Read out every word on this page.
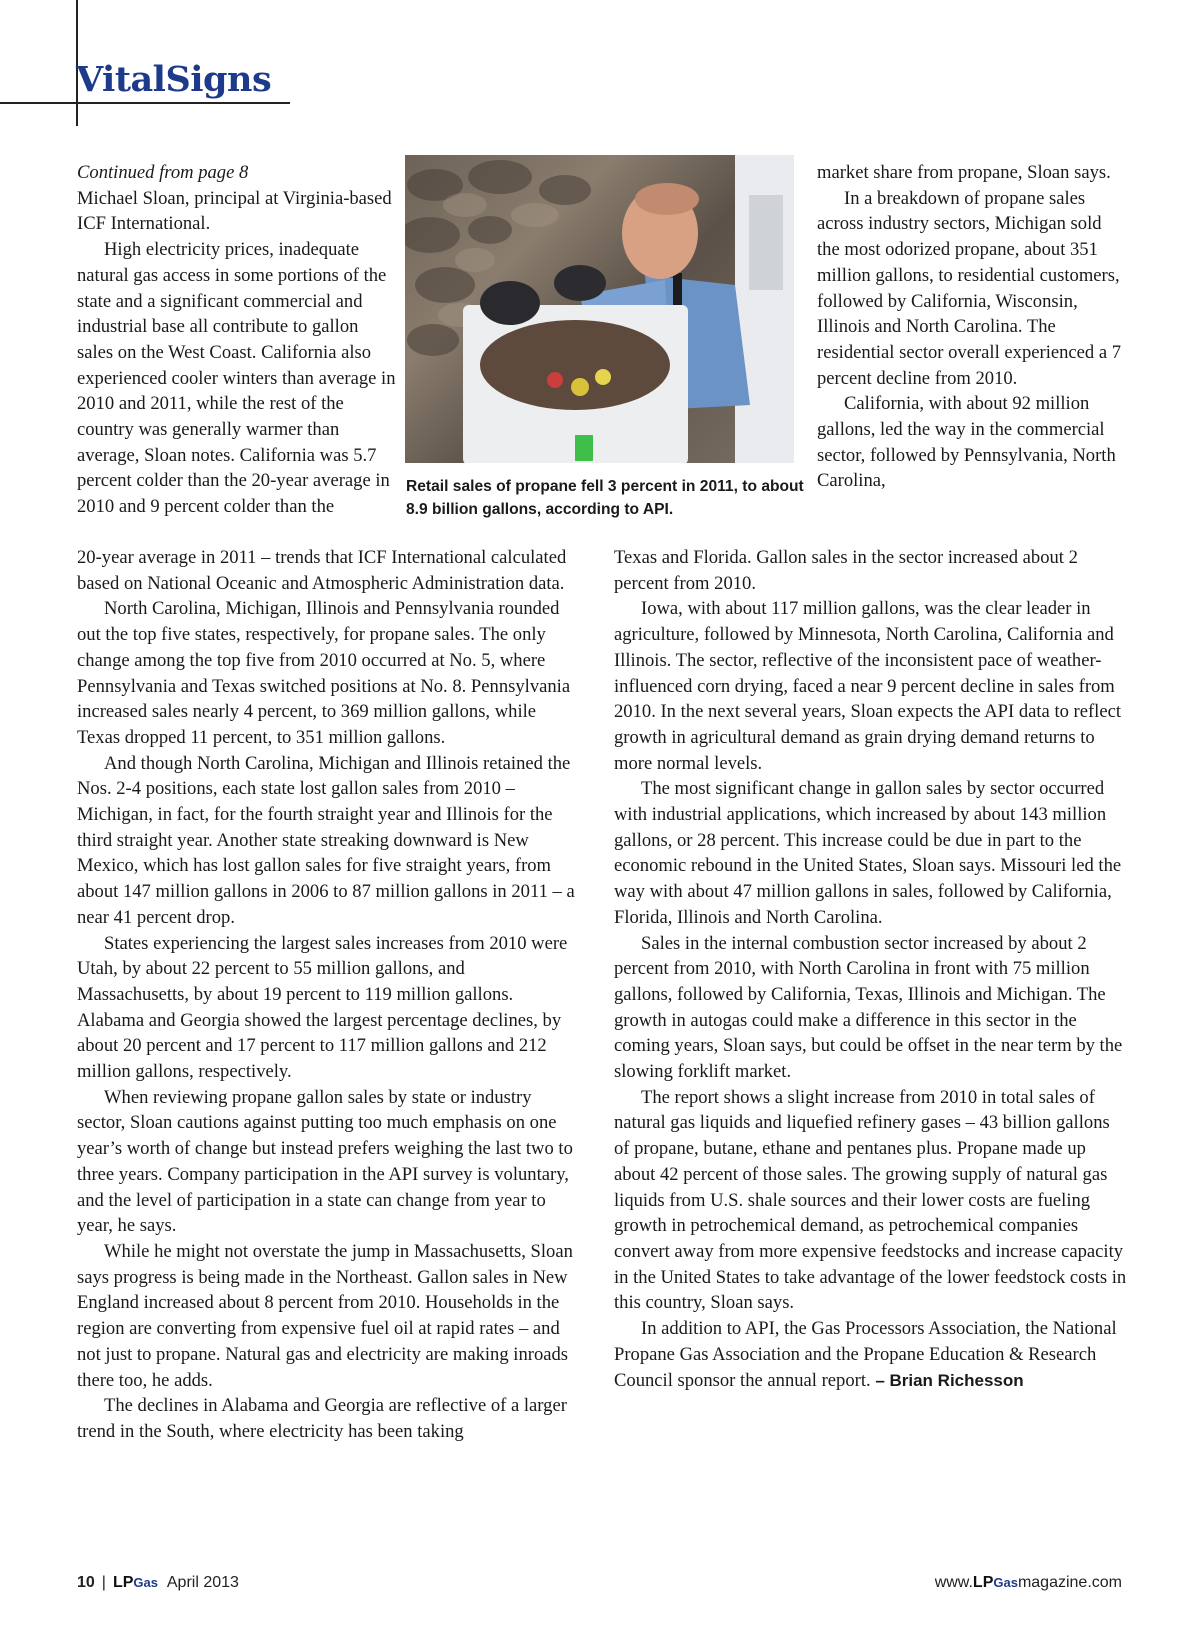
VitalSigns

Continued from page 8

Michael Sloan, principal at Virginia-based ICF International.

High electricity prices, inadequate natural gas access in some portions of the state and a significant commercial and industrial base all contribute to gallon sales on the West Coast. California also experienced cooler winters than average in 2010 and 2011, while the rest of the country was generally warmer than average, Sloan notes. California was 5.7 percent colder than the 20-year average in 2010 and 9 percent colder than the

Retail sales of propane fell 3 percent in 2011, to about 8.9 billion gallons, according to API.

20-year average in 2011 – trends that ICF International calculated based on National Oceanic and Atmospheric Administration data.

North Carolina, Michigan, Illinois and Pennsylvania rounded out the top five states, respectively, for propane sales. The only change among the top five from 2010 occurred at No. 5, where Pennsylvania and Texas switched positions at No. 8. Pennsylvania increased sales nearly 4 percent, to 369 million gallons, while Texas dropped 11 percent, to 351 million gallons.

And though North Carolina, Michigan and Illinois retained the Nos. 2-4 positions, each state lost gallon sales from 2010 – Michigan, in fact, for the fourth straight year and Illinois for the third straight year. Another state streaking downward is New Mexico, which has lost gallon sales for five straight years, from about 147 million gallons in 2006 to 87 million gallons in 2011 – a near 41 percent drop.

States experiencing the largest sales increases from 2010 were Utah, by about 22 percent to 55 million gallons, and Massachusetts, by about 19 percent to 119 million gallons. Alabama and Georgia showed the largest percentage declines, by about 20 percent and 17 percent to 117 million gallons and 212 million gallons, respectively.

When reviewing propane gallon sales by state or industry sector, Sloan cautions against putting too much emphasis on one year’s worth of change but instead prefers weighing the last two to three years. Company participation in the API survey is voluntary, and the level of participation in a state can change from year to year, he says.

While he might not overstate the jump in Massachusetts, Sloan says progress is being made in the Northeast. Gallon sales in New England increased about 8 percent from 2010. Households in the region are converting from expensive fuel oil at rapid rates – and not just to propane. Natural gas and electricity are making inroads there too, he adds.

The declines in Alabama and Georgia are reflective of a larger trend in the South, where electricity has been taking

market share from propane, Sloan says.

In a breakdown of propane sales across industry sectors, Michigan sold the most odorized propane, about 351 million gallons, to residential customers, followed by California, Wisconsin, Illinois and North Carolina. The residential sector overall experienced a 7 percent decline from 2010.

California, with about 92 million gallons, led the way in the commercial sector, followed by Pennsylvania, North Carolina,

Texas and Florida. Gallon sales in the sector increased about 2 percent from 2010.

Iowa, with about 117 million gallons, was the clear leader in agriculture, followed by Minnesota, North Carolina, California and Illinois. The sector, reflective of the inconsistent pace of weather-influenced corn drying, faced a near 9 percent decline in sales from 2010. In the next several years, Sloan expects the API data to reflect growth in agricultural demand as grain drying demand returns to more normal levels.

The most significant change in gallon sales by sector occurred with industrial applications, which increased by about 143 million gallons, or 28 percent. This increase could be due in part to the economic rebound in the United States, Sloan says. Missouri led the way with about 47 million gallons in sales, followed by California, Florida, Illinois and North Carolina.

Sales in the internal combustion sector increased by about 2 percent from 2010, with North Carolina in front with 75 million gallons, followed by California, Texas, Illinois and Michigan. The growth in autogas could make a difference in this sector in the coming years, Sloan says, but could be offset in the near term by the slowing forklift market.

The report shows a slight increase from 2010 in total sales of natural gas liquids and liquefied refinery gases – 43 billion gallons of propane, butane, ethane and pentanes plus. Propane made up about 42 percent of those sales. The growing supply of natural gas liquids from U.S. shale sources and their lower costs are fueling growth in petrochemical demand, as petrochemical companies convert away from more expensive feedstocks and increase capacity in the United States to take advantage of the lower feedstock costs in this country, Sloan says.

In addition to API, the Gas Processors Association, the National Propane Gas Association and the Propane Education & Research Council sponsor the annual report. – Brian Richesson

10 | LPGas April 2013	www.LPGasmagazine.com
